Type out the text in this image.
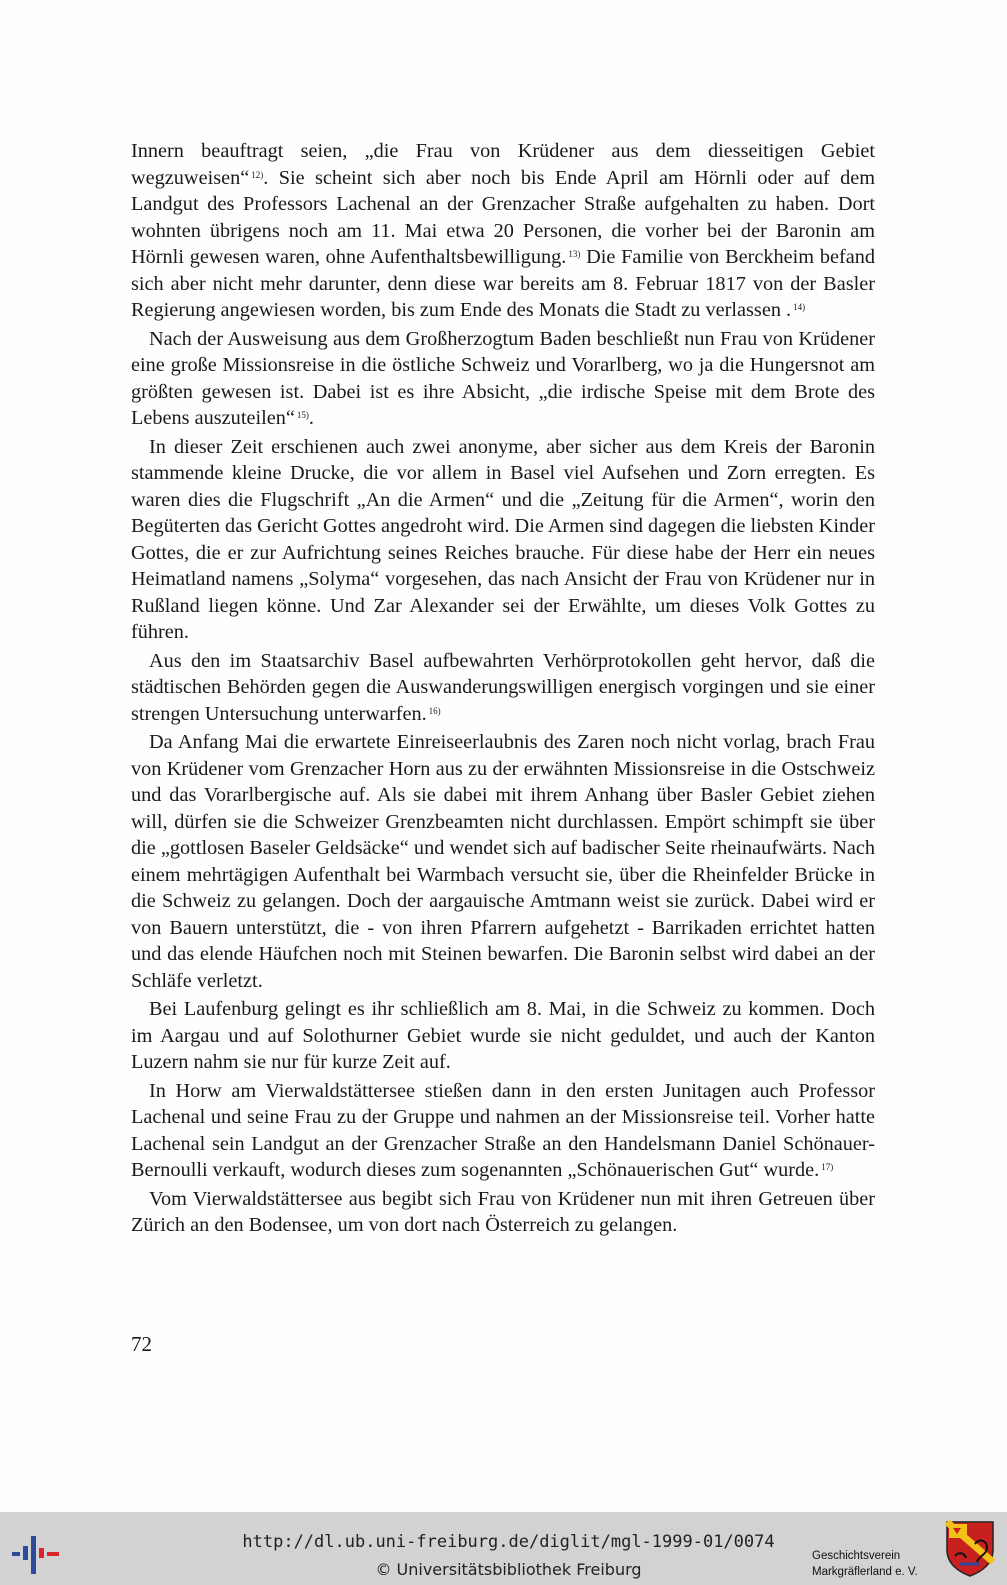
Innern beauftragt seien, „die Frau von Krüdener aus dem diesseitigen Gebiet wegzuweisen“ $^{12)}$. Sie scheint sich aber noch bis Ende April am Hörnli oder auf dem Landgut des Professors Lachenal an der Grenzacher Straße aufgehalten zu haben. Dort wohnten übrigens noch am 11. Mai etwa 20 Personen, die vorher bei der Baronin am Hörnli gewesen waren, ohne Aufenthaltsbewilligung. $^{13)}$ Die Familie von Berckheim befand sich aber nicht mehr darunter, denn diese war bereits am 8. Februar 1817 von der Basler Regierung angewiesen worden, bis zum Ende des Monats die Stadt zu verlassen . $^{14)}$

Nach der Ausweisung aus dem Großherzogtum Baden beschließt nun Frau von Krüdener eine große Missionsreise in die östliche Schweiz und Vorarlberg, wo ja die Hungersnot am größten gewesen ist. Dabei ist es ihre Absicht, „die irdische Speise mit dem Brote des Lebens auszuteilen“ $^{15)}$.

In dieser Zeit erschienen auch zwei anonyme, aber sicher aus dem Kreis der Baronin stammende kleine Drucke, die vor allem in Basel viel Aufsehen und Zorn erregten. Es waren dies die Flugschrift „An die Armen“ und die „Zeitung für die Armen“, worin den Begüterten das Gericht Gottes angedroht wird. Die Armen sind dagegen die liebsten Kinder Gottes, die er zur Aufrichtung seines Reiches brauche. Für diese habe der Herr ein neues Heimatland namens „Solyma“ vorgesehen, das nach Ansicht der Frau von Krüdener nur in Rußland liegen könne. Und Zar Alexander sei der Erwählte, um dieses Volk Gottes zu führen.

Aus den im Staatsarchiv Basel aufbewahrten Verhörprotokollen geht hervor, daß die städtischen Behörden gegen die Auswanderungswilligen energisch vorgingen und sie einer strengen Untersuchung unterwarfen. $^{16)}$

Da Anfang Mai die erwartete Einreiseerlaubnis des Zaren noch nicht vorlag, brach Frau von Krüdener vom Grenzacher Horn aus zu der erwähnten Missionsreise in die Ostschweiz und das Vorarlbergische auf. Als sie dabei mit ihrem Anhang über Basler Gebiet ziehen will, dürfen sie die Schweizer Grenzbeamten nicht durchlassen. Empört schimpft sie über die „gottlosen Baseler Geldsäcke“ und wendet sich auf badischer Seite rheinaufwärts. Nach einem mehrtägigen Aufenthalt bei Warmbach versucht sie, über die Rheinfelder Brücke in die Schweiz zu gelangen. Doch der aargauische Amtmann weist sie zurück. Dabei wird er von Bauern unterstützt, die - von ihren Pfarrern aufgehetzt - Barrikaden errichtet hatten und das elende Häufchen noch mit Steinen bewarfen. Die Baronin selbst wird dabei an der Schläfe verletzt.

Bei Laufenburg gelingt es ihr schließlich am 8. Mai, in die Schweiz zu kommen. Doch im Aargau und auf Solothurner Gebiet wurde sie nicht geduldet, und auch der Kanton Luzern nahm sie nur für kurze Zeit auf.

In Horw am Vierwaldstättersee stießen dann in den ersten Junitagen auch Professor Lachenal und seine Frau zu der Gruppe und nahmen an der Missionsreise teil. Vorher hatte Lachenal sein Landgut an der Grenzacher Straße an den Handelsmann Daniel Schönauer-Bernoulli verkauft, wodurch dieses zum sogenannten „Schönauerischen Gut“ wurde. $^{17)}$

Vom Vierwaldstättersee aus begibt sich Frau von Krüdener nun mit ihren Getreuen über Zürich an den Bodensee, um von dort nach Österreich zu gelangen.

72
http://dl.ub.uni-freiburg.de/diglit/mgl-1999-01/0074
© Universitätsbibliothek Freiburg
Geschichtsverein
Markgräflerland e. V.
